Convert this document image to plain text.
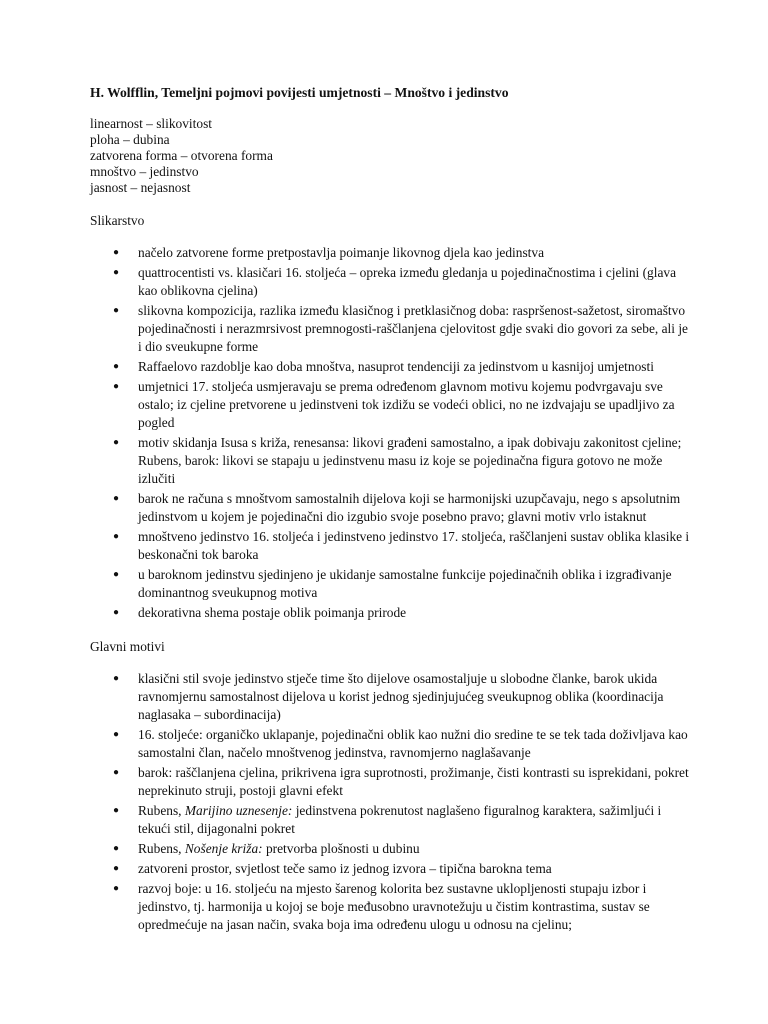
H. Wolfflin, Temeljni pojmovi povijesti umjetnosti – Mnoštvo i jedinstvo
linearnost – slikovitost
ploha – dubina
zatvorena forma – otvorena forma
mnoštvo – jedinstvo
jasnost – nejasnost
Slikarstvo
● načelo zatvorene forme pretpostavlja poimanje likovnog djela kao jedinstva
● quattrocentisti vs. klasičari 16. stoljeća – opreka između gledanja u pojedinačnostima i cjelini (glava kao oblikovna cjelina)
● slikovna kompozicija, razlika između klasičnog i pretklasičnog doba: raspršenost-sažetost, siromaštvo pojedinačnosti i nerazmrsivost premnogosti-raščlanjena cjelovitost gdje svaki dio govori za sebe, ali je i dio sveukupne forme
● Raffaelovo razdoblje kao doba mnoštva, nasuprot tendenciji za jedinstvom u kasnijoj umjetnosti
● umjetnici 17. stoljeća usmjeravaju se prema određenom glavnom motivu kojemu podvrgavaju sve ostalo; iz cjeline pretvorene u jedinstveni tok izdižu se vodeći oblici, no ne izdvajaju se upadljivo za pogled
● motiv skidanja Isusa s križa, renesansa: likovi građeni samostalno, a ipak dobivaju zakonitost cjeline; Rubens, barok: likovi se stapaju u jedinstvenu masu iz koje se pojedinačna figura gotovo ne može izlučiti
● barok ne računa s mnoštvom samostalnih dijelova koji se harmonijski uzupčavaju, nego s apsolutnim jedinstvom u kojem je pojedinačni dio izgubio svoje posebno pravo; glavni motiv vrlo istaknut
● mnoštveno jedinstvo 16. stoljeća i jedinstveno jedinstvo 17. stoljeća, raščlanjeni sustav oblika klasike i beskonačni tok baroka
● u baroknom jedinstvu sjedinjeno je ukidanje samostalne funkcije pojedinačnih oblika i izgrađivanje dominantnog sveukupnog motiva
● dekorativna shema postaje oblik poimanja prirode
Glavni motivi
● klasični stil svoje jedinstvo stječe time što dijelove osamostaljuje u slobodne članke, barok ukida ravnomjernu samostalnost dijelova u korist jednog sjedinjujućeg sveukupnog oblika (koordinacija naglasaka – subordinacija)
● 16. stoljeće: organičko uklapanje, pojedinačni oblik kao nužni dio sredine te se tek tada doživljava kao samostalni član, načelo mnoštvenog jedinstva, ravnomjerno naglašavanje
● barok: raščlanjena cjelina, prikrivena igra suprotnosti, prožimanje, čisti kontrasti su isprekidani, pokret neprekinuto struji, postoji glavni efekt
● Rubens, Marijino uznesenje: jedinstvena pokrenutost naglašeno figuralnog karaktera, sažimljući i tekući stil, dijagonalni pokret
● Rubens, Nošenje križa: pretvorba plošnosti u dubinu
● zatvoreni prostor, svjetlost teče samo iz jednog izvora – tipična barokna tema
● razvoj boje: u 16. stoljeću na mjesto šarenog kolorita bez sustavne ukloplјenosti stupaju izbor i jedinstvo, tj. harmonija u kojoj se boje međusobno uravnotežuju u čistim kontrastima, sustav se opredmećuje na jasan način, svaka boja ima određenu ulogu u odnosu na cjelinu;
